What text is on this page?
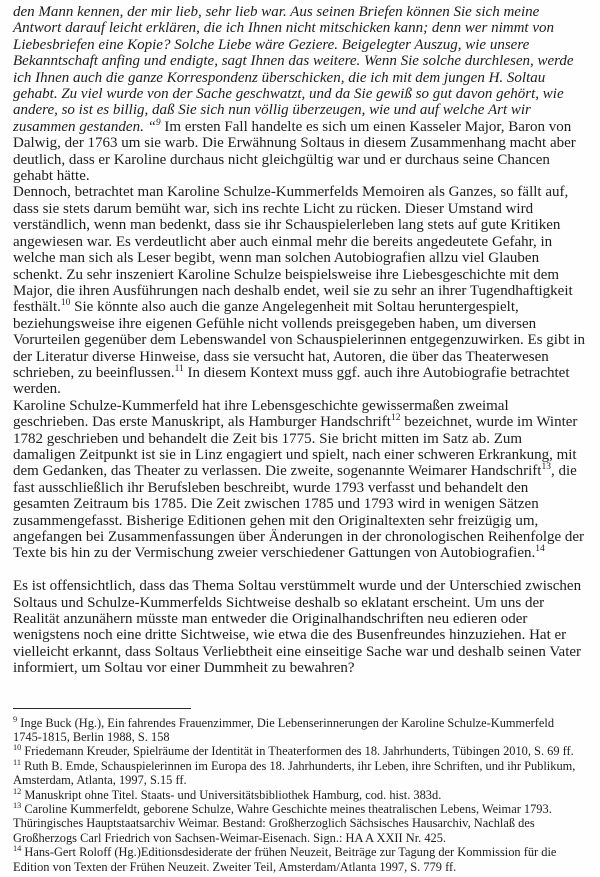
den Mann kennen, der mir lieb, sehr lieb war. Aus seinen Briefen können Sie sich meine Antwort darauf leicht erklären, die ich Ihnen nicht mitschicken kann; denn wer nimmt von Liebesbriefen eine Kopie? Solche Liebe wäre Geziere. Beigelegter Auszug, wie unsere Bekanntschaft anfing und endigte, sagt Ihnen das weitere. Wenn Sie solche durchlesen, werde ich Ihnen auch die ganze Korrespondenz überschicken, die ich mit dem jungen H. Soltau gehabt. Zu viel wurde von der Sache geschwatzt, und da Sie gewiß so gut davon gehört, wie andere, so ist es billig, daß Sie sich nun völlig überzeugen, wie und auf welche Art wir zusammen gestanden. “$^9$ Im ersten Fall handelte es sich um einen Kasseler Major, Baron von Dalwig, der 1763 um sie warb. Die Erwähnung Soltaus in diesem Zusammenhang macht aber deutlich, dass er Karoline durchaus nicht gleichgültig war und er durchaus seine Chancen gehabt hätte.

Dennoch, betrachtet man Karoline Schulze-Kummerfelds Memoiren als Ganzes, so fällt auf, dass sie stets darum bemüht war, sich ins rechte Licht zu rücken. Dieser Umstand wird verständlich, wenn man bedenkt, dass sie ihr Schauspielerleben lang stets auf gute Kritiken angewiesen war. Es verdeutlicht aber auch einmal mehr die bereits angedeutete Gefahr, in welche man sich als Leser begibt, wenn man solchen Autobiografien allzu viel Glauben schenkt. Zu sehr inszeniert Karoline Schulze beispielsweise ihre Liebesgeschichte mit dem Major, die ihren Ausführungen nach deshalb endet, weil sie zu sehr an ihrer Tugendhaftigkeit festhält.$^{10}$ Sie könnte also auch die ganze Angelegenheit mit Soltau heruntergespielt, beziehungsweise ihre eigenen Gefühle nicht vollends preisgegeben haben, um diversen Vorurteilen gegenüber dem Lebenswandel von Schauspielerinnen entgegenzuwirken. Es gibt in der Literatur diverse Hinweise, dass sie versucht hat, Autoren, die über das Theaterwesen schrieben, zu beeinflussen.$^{11}$ In diesem Kontext muss ggf. auch ihre Autobiografie betrachtet werden.

Karoline Schulze-Kummerfeld hat ihre Lebensgeschichte gewissermaßen zweimal geschrieben. Das erste Manuskript, als Hamburger Handschrift$^{12}$ bezeichnet, wurde im Winter 1782 geschrieben und behandelt die Zeit bis 1775. Sie bricht mitten im Satz ab. Zum damaligen Zeitpunkt ist sie in Linz engagiert und spielt, nach einer schweren Erkrankung, mit dem Gedanken, das Theater zu verlassen. Die zweite, sogenannte Weimarer Handschrift$^{13}$, die fast ausschließlich ihr Berufsleben beschreibt, wurde 1793 verfasst und behandelt den gesamten Zeitraum bis 1785. Die Zeit zwischen 1785 und 1793 wird in wenigen Sätzen zusammengefasst. Bisherige Editionen gehen mit den Originaltexten sehr freizügig um, angefangen bei Zusammenfassungen über Änderungen in der chronologischen Reihenfolge der Texte bis hin zu der Vermischung zweier verschiedener Gattungen von Autobiografien.$^{14}$

Es ist offensichtlich, dass das Thema Soltau verstümmelt wurde und der Unterschied zwischen Soltaus und Schulze-Kummerfelds Sichtweise deshalb so eklatant erscheint. Um uns der Realität anzunähern müsste man entweder die Originalhandschriften neu edieren oder wenigstens noch eine dritte Sichtweise, wie etwa die des Busenfreundes hinzuziehen. Hat er vielleicht erkannt, dass Soltaus Verliebtheit eine einseitige Sache war und deshalb seinen Vater informiert, um Soltau vor einer Dummheit zu bewahren?

$^9$ Inge Buck (Hg.), Ein fahrendes Frauenzimmer, Die Lebenserinnerungen der Karoline Schulze-Kummerfeld 1745-1815, Berlin 1988, S. 158

$^{10}$ Friedemann Kreuder, Spielräume der Identität in Theaterformen des 18. Jahrhunderts, Tübingen 2010, S. 69 ff.

$^{11}$ Ruth B. Emde, Schauspielerinnen im Europa des 18. Jahrhunderts, ihr Leben, ihre Schriften, und ihr Publikum, Amsterdam, Atlanta, 1997, S.15 ff.

$^{12}$ Manuskript ohne Titel. Staats- und Universitätsbibliothek Hamburg, cod. hist. 383d.

$^{13}$ Caroline Kummerfeldt, geborene Schulze, Wahre Geschichte meines theatralischen Lebens, Weimar 1793. Thüringisches Hauptstaatsarchiv Weimar. Bestand: Großherzoglich Sächsisches Hausarchiv, Nachlaß des Großherzogs Carl Friedrich von Sachsen-Weimar-Eisenach. Sign.: HA A XXII Nr. 425.

$^{14}$ Hans-Gert Roloff (Hg.)Editionsdesiderate der frühen Neuzeit, Beiträge zur Tagung der Kommission für die Edition von Texten der Frühen Neuzeit. Zweiter Teil, Amsterdam/Atlanta 1997, S. 779 ff.
